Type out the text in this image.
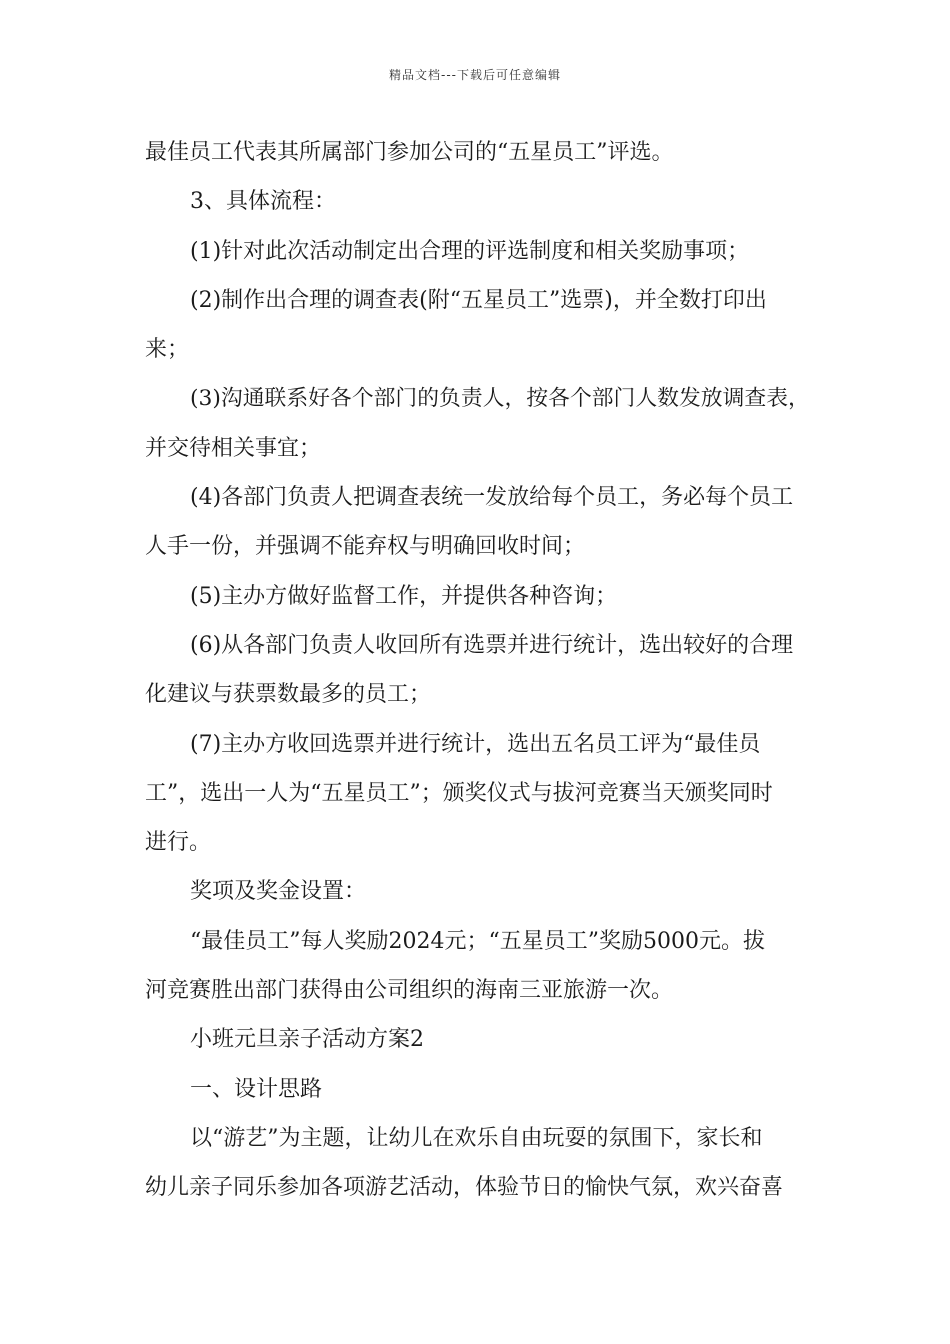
精品文档---下载后可任意编辑
最佳员工代表其所属部门参加公司的“五星员工”评选。
3、具体流程：
(1)针对此次活动制定出合理的评选制度和相关奖励事项；
(2)制作出合理的调查表(附“五星员工”选票)，并全数打印出
来；
(3)沟通联系好各个部门的负责人，按各个部门人数发放调查表，
并交待相关事宜；
(4)各部门负责人把调查表统一发放给每个员工，务必每个员工
人手一份，并强调不能弃权与明确回收时间；
(5)主办方做好监督工作，并提供各种咨询；
(6)从各部门负责人收回所有选票并进行统计，选出较好的合理
化建议与获票数最多的员工；
(7)主办方收回选票并进行统计，选出五名员工评为“最佳员
工”，选出一人为“五星员工”；颁奖仪式与拔河竞赛当天颁奖同时
进行。
奖项及奖金设置：
“最佳员工”每人奖励2024元；“五星员工”奖励5000元。拔
河竞赛胜出部门获得由公司组织的海南三亚旅游一次。
小班元旦亲子活动方案2
一、设计思路
以“游艺”为主题，让幼儿在欢乐自由玩耍的氛围下，家长和
幼儿亲子同乐参加各项游艺活动，体验节日的愉快气氛，欢兴奋喜
